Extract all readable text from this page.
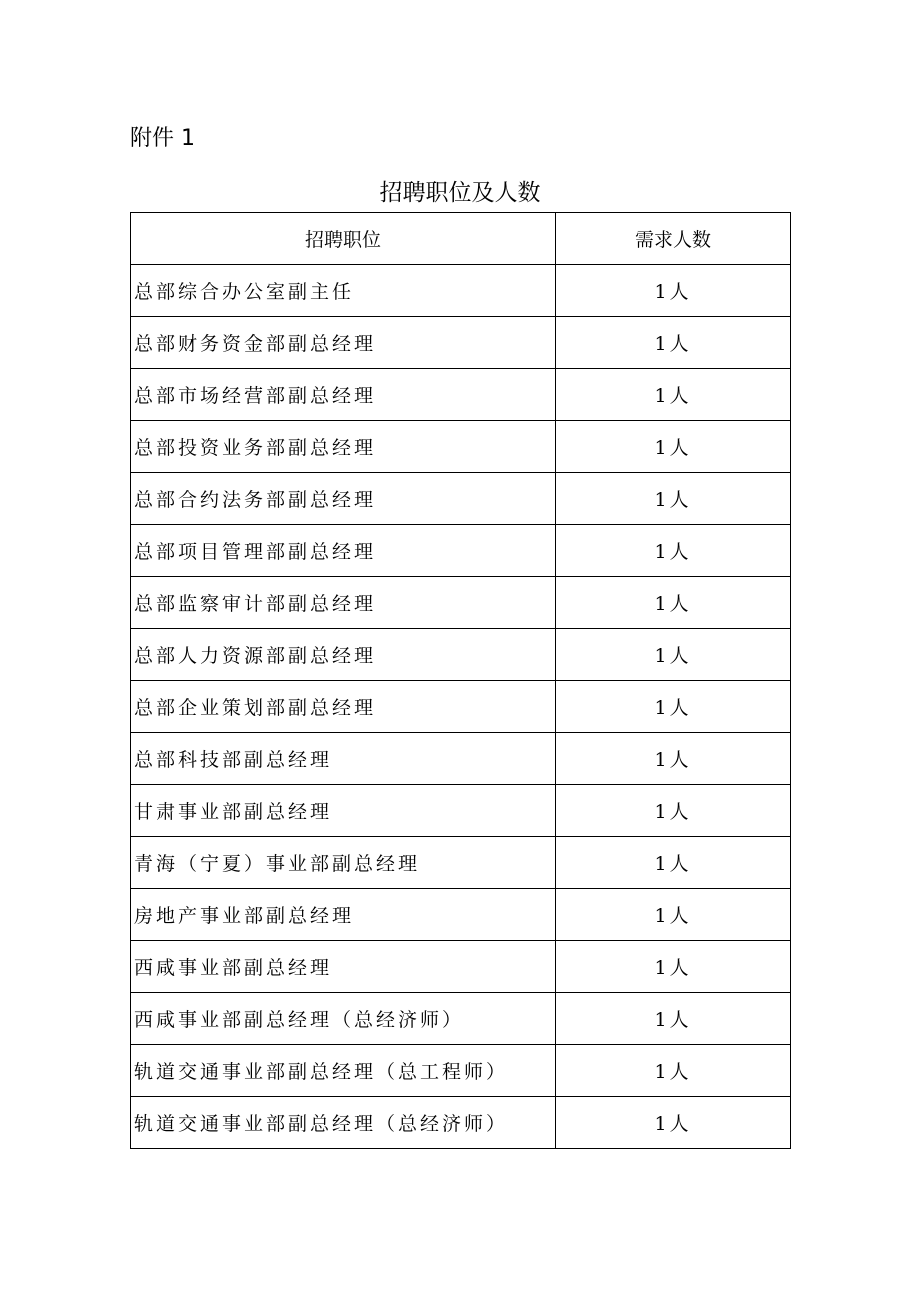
附件 1
招聘职位及人数
招聘职位	需求人数
总部综合办公室副主任	1人
总部财务资金部副总经理	1人
总部市场经营部副总经理	1人
总部投资业务部副总经理	1人
总部合约法务部副总经理	1人
总部项目管理部副总经理	1人
总部监察审计部副总经理	1人
总部人力资源部副总经理	1人
总部企业策划部副总经理	1人
总部科技部副总经理	1人
甘肃事业部副总经理	1人
青海（宁夏）事业部副总经理	1人
房地产事业部副总经理	1人
西咸事业部副总经理	1人
西咸事业部副总经理（总经济师）	1人
轨道交通事业部副总经理（总工程师）	1人
轨道交通事业部副总经理（总经济师）	1人
